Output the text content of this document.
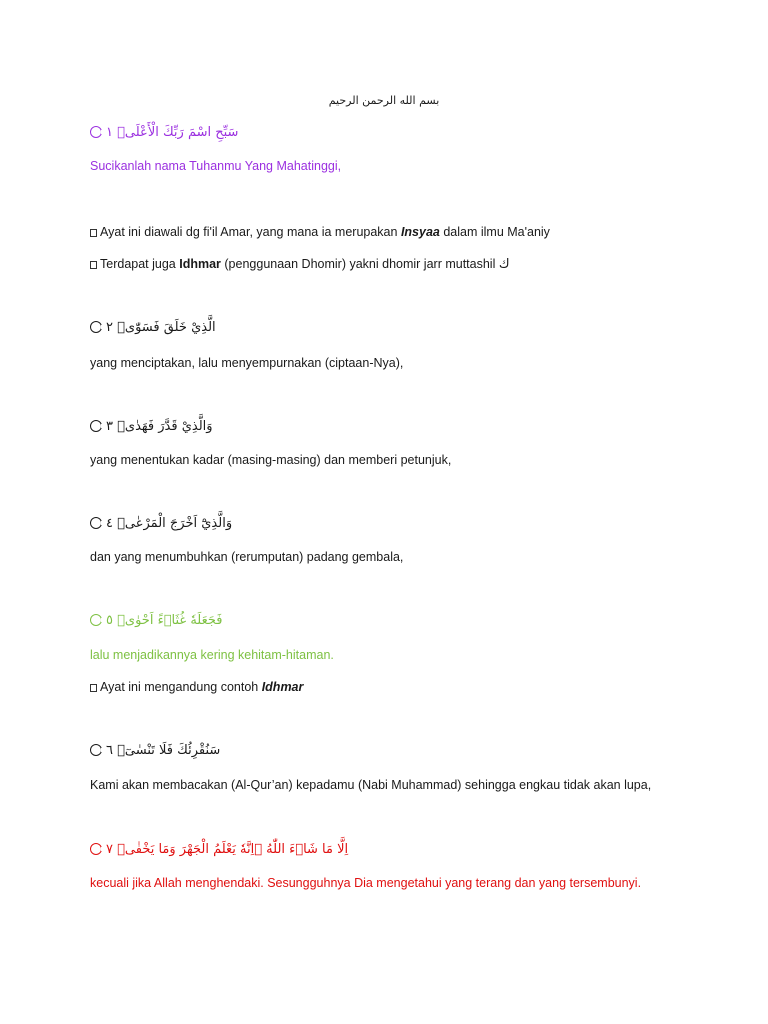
بسم الله الرحمن الرحيم
سَبِّحِ اسْمَ رَبِّكَ الْأَعْلَىۙ ١
Sucikanlah nama Tuhanmu Yang Mahatinggi,
Ayat ini diawali dg fi'il Amar, yang mana ia merupakan Insyaa dalam ilmu Ma'aniy
Terdapat juga Idhmar (penggunaan Dhomir) yakni dhomir jarr muttashil ك
الَّذِيْ خَلَقَ فَسَوّٰىۖ ٢
yang menciptakan, lalu menyempurnakan (ciptaan-Nya),
وَالَّذِيْ قَدَّرَ فَهَدٰىۖ ٣
yang menentukan kadar (masing-masing) dan memberi petunjuk,
وَالَّذِيْٓ اَخْرَجَ الْمَرْعٰىۖ ٤
dan yang menumbuhkan (rerumputan) padang gembala,
فَجَعَلَهٗ غُثَاۤءً اَحْوٰىۖ ٥
lalu menjadikannya kering kehitam-hitaman.
Ayat ini mengandung contoh Idhmar
سَنُقْرِئُكَ فَلَا تَنْسٰىٓۖ ٦
Kami akan membacakan (Al-Qur’an) kepadamu (Nabi Muhammad) sehingga engkau tidak akan lupa,
اِلَّا مَا شَاۤءَ اللّٰهُ ۗاِنَّهٗ يَعْلَمُ الْجَهْرَ وَمَا يَخْفٰىۗ ٧
kecuali jika Allah menghendaki. Sesungguhnya Dia mengetahui yang terang dan yang tersembunyi.
